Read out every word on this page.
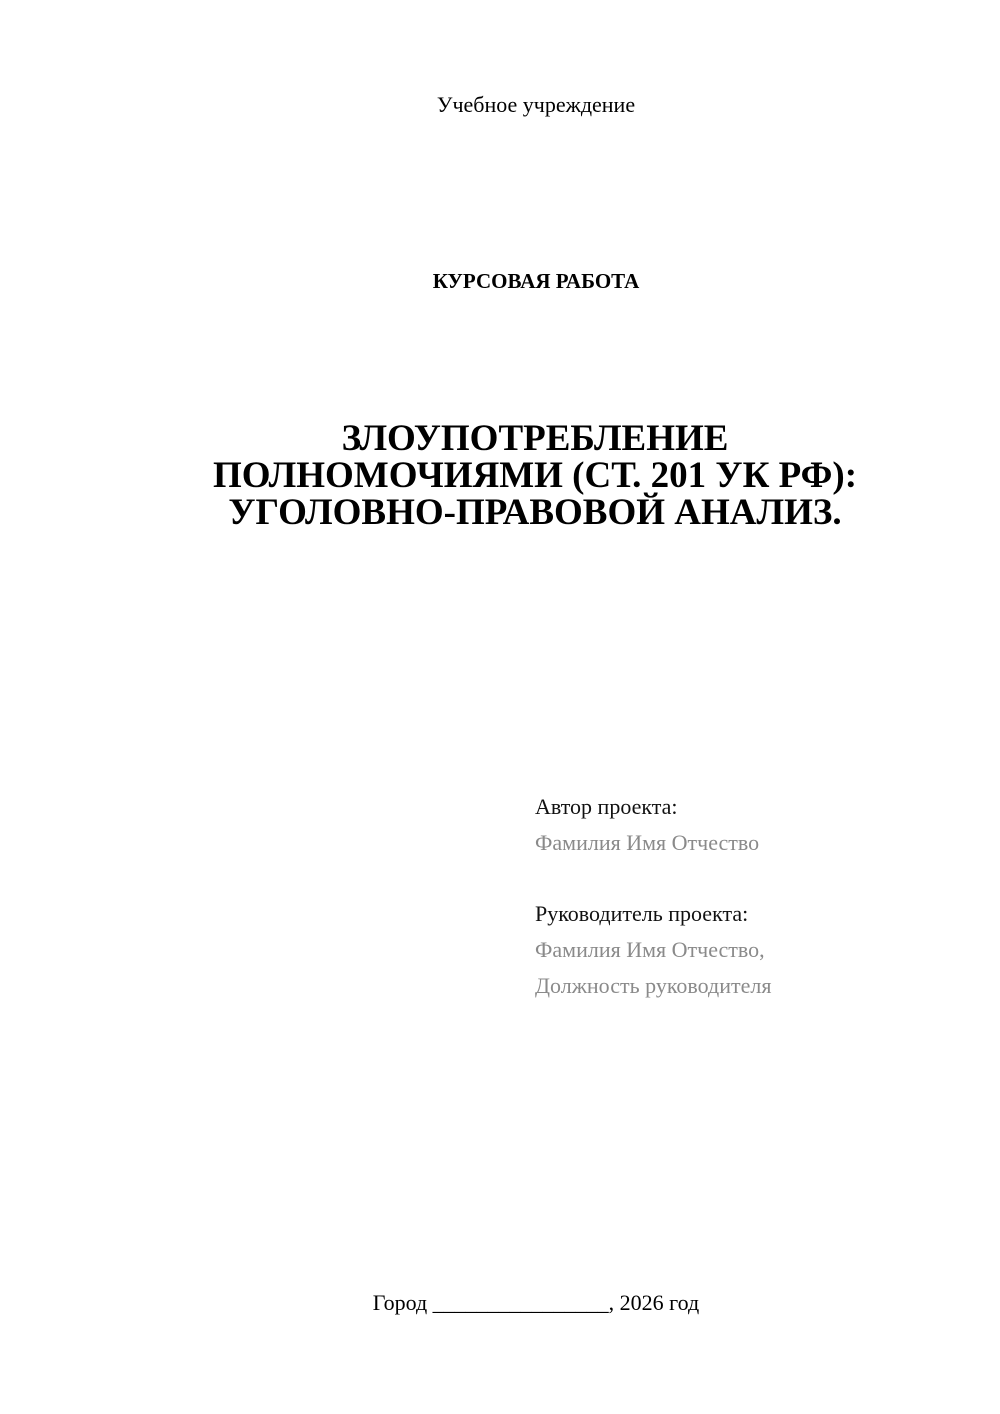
Учебное учреждение
КУРСОВАЯ РАБОТА
ЗЛОУПОТРЕБЛЕНИЕ
ПОЛНОМОЧИЯМИ (СТ. 201 УК РФ):
УГОЛОВНО-ПРАВОВОЙ АНАЛИЗ.
Автор проекта:
Фамилия Имя Отчество
Руководитель проекта:
Фамилия Имя Отчество,
Должность руководителя
Город ________________, 2026 год
